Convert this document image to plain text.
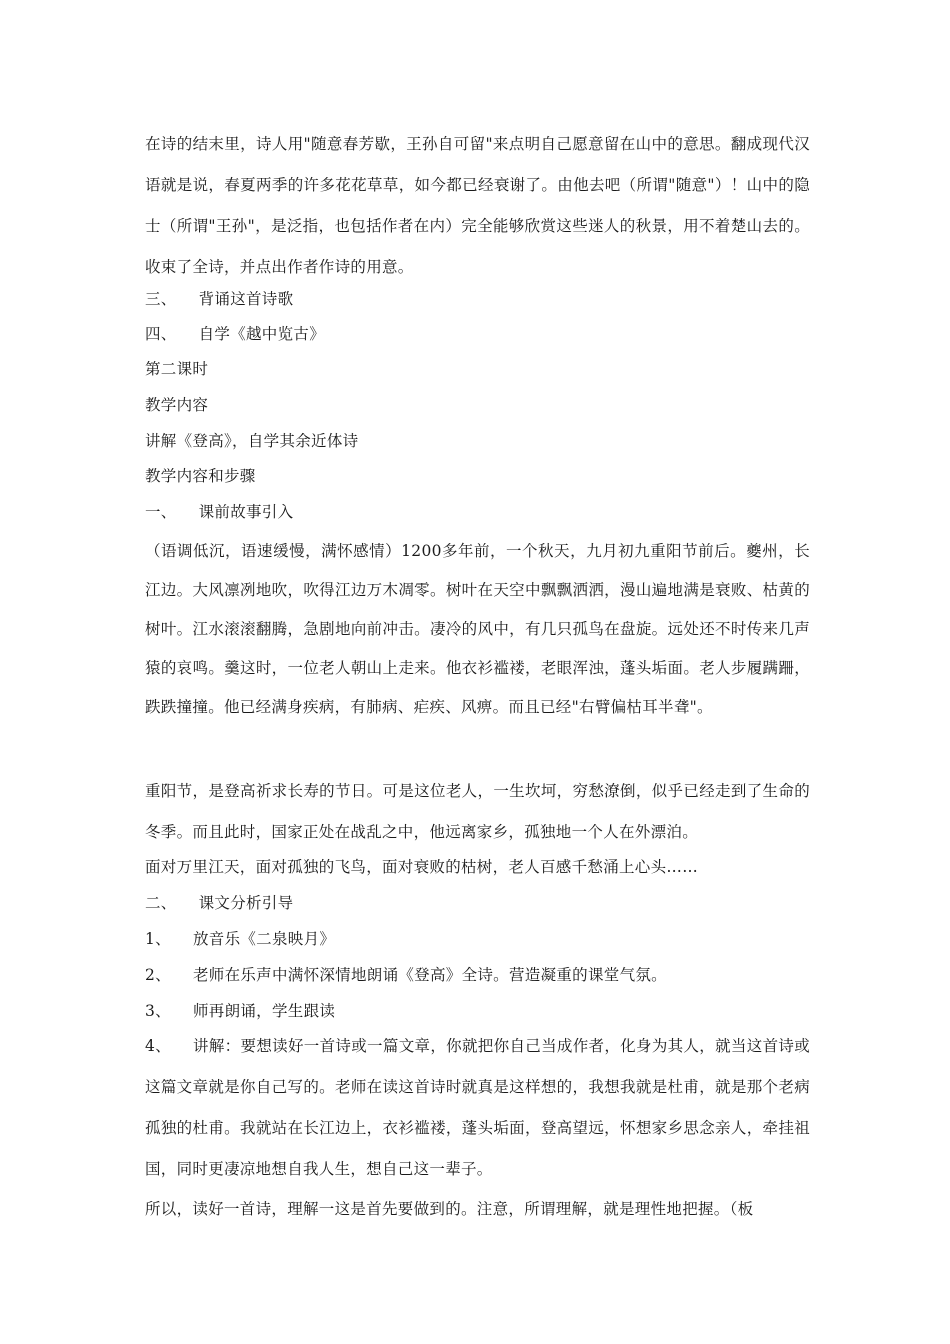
在诗的结末里，诗人用"随意春芳歇，王孙自可留"来点明自己愿意留在山中的意思。翻成现代汉语就是说，春夏两季的许多花花草草，如今都已经衰谢了。由他去吧（所谓"随意"）！山中的隐士（所谓"王孙"，是泛指，也包括作者在内）完全能够欣赏这些迷人的秋景，用不着楚山去的。收束了全诗，并点出作者作诗的用意。
三、 背诵这首诗歌
四、 自学《越中览古》
第二课时
教学内容
讲解《登高》，自学其余近体诗
教学内容和步骤
一、 课前故事引入
（语调低沉，语速缓慢，满怀感情）1200多年前，一个秋天，九月初九重阳节前后。夔州，长江边。大风凛冽地吹，吹得江边万木凋零。树叶在天空中飘飘洒洒，漫山遍地满是衰败、枯黄的树叶。江水滚滚翻腾，急剧地向前冲击。凄冷的风中，有几只孤鸟在盘旋。远处还不时传来几声猿的哀鸣。羹这时，一位老人朝山上走来。他衣衫褴褛，老眼浑浊，蓬头垢面。老人步履蹒跚，跌跌撞撞。他已经满身疾病，有肺病、疟疾、风痹。而且已经"右臂偏枯耳半聋"。
重阳节，是登高祈求长寿的节日。可是这位老人，一生坎坷，穷愁潦倒，似乎已经走到了生命的冬季。而且此时，国家正处在战乱之中，他远离家乡，孤独地一个人在外漂泊。
面对万里江天，面对孤独的飞鸟，面对衰败的枯树，老人百感千愁涌上心头……
二、 课文分析引导
1、 放音乐《二泉映月》
2、 老师在乐声中满怀深情地朗诵《登高》全诗。营造凝重的课堂气氛。
3、 师再朗诵，学生跟读
4、 讲解：要想读好一首诗或一篇文章，你就把你自己当成作者，化身为其人，就当这首诗或这篇文章就是你自己写的。老师在读这首诗时就真是这样想的，我想我就是杜甫，就是那个老病孤独的杜甫。我就站在长江边上，衣衫褴褛，蓬头垢面，登高望远，怀想家乡思念亲人，牵挂祖国，同时更凄凉地想自我人生，想自己这一辈子。
所以，读好一首诗，理解一这是首先要做到的。注意，所谓理解，就是理性地把握。（板
